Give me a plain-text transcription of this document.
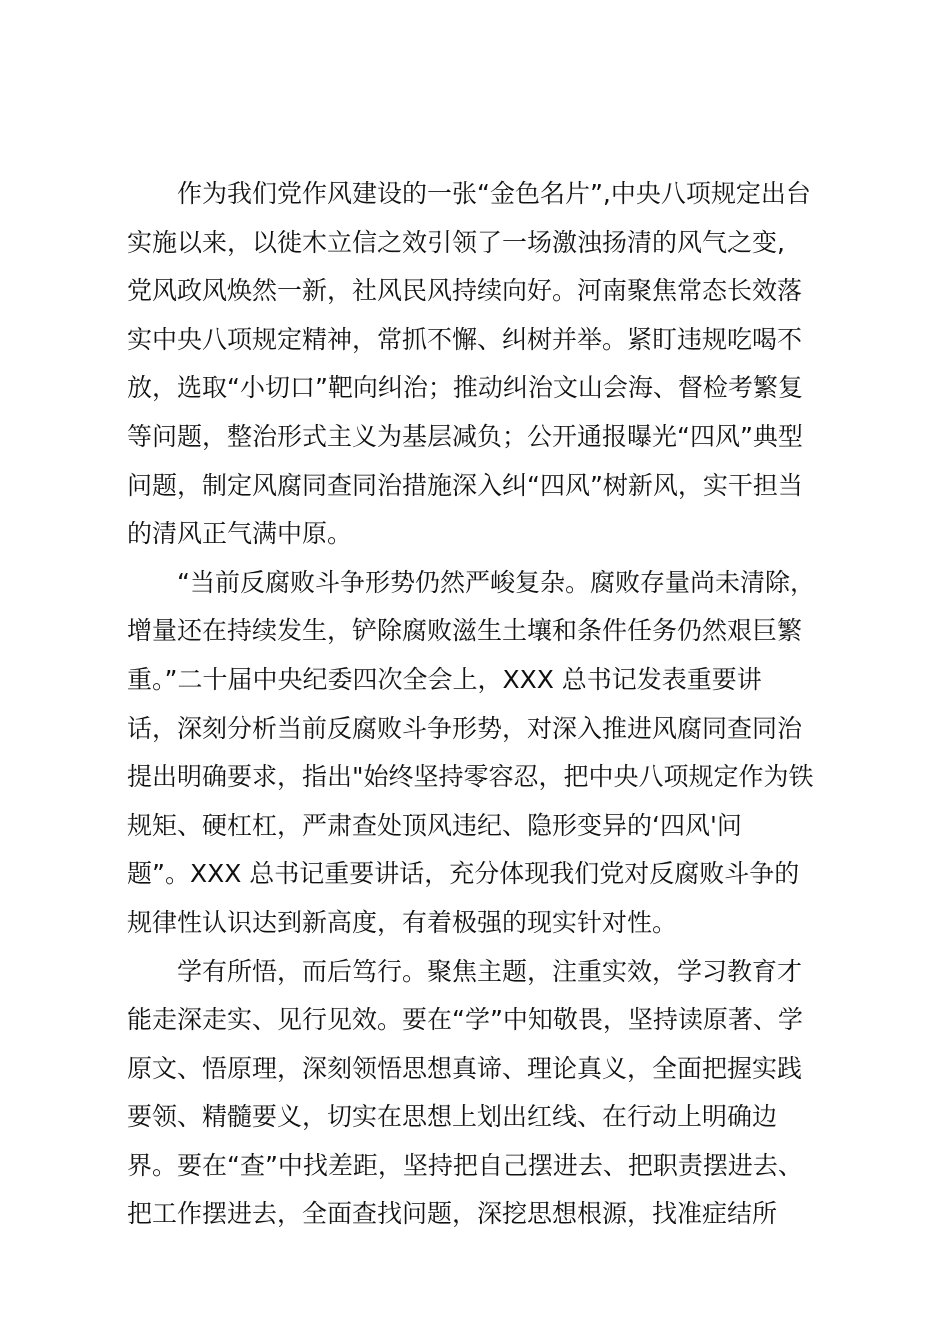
作为我们党作风建设的一张“金色名片”,中央八项规定出台
实施以来，以徙木立信之效引领了一场激浊扬清的风气之变,
党风政风焕然一新，社风民风持续向好。河南聚焦常态长效落
实中央八项规定精神，常抓不懈、纠树并举。紧盯违规吃喝不
放，选取“小切口”靶向纠治；推动纠治文山会海、督检考繁复
等问题，整治形式主义为基层减负；公开通报曝光“四风”典型
问题，制定风腐同查同治措施深入纠“四风”树新风，实干担当
的清风正气满中原。

“当前反腐败斗争形势仍然严峻复杂。腐败存量尚未清除，
增量还在持续发生，铲除腐败滋生土壤和条件任务仍然艰巨繁
重。”二十届中央纪委四次全会上，XXX 总书记发表重要讲
话，深刻分析当前反腐败斗争形势，对深入推进风腐同查同治
提出明确要求，指出"始终坚持零容忍，把中央八项规定作为铁
规矩、硬杠杠，严肃查处顶风违纪、隐形变异的‘四风'问
题”。XXX 总书记重要讲话，充分体现我们党对反腐败斗争的
规律性认识达到新高度，有着极强的现实针对性。

学有所悟，而后笃行。聚焦主题，注重实效，学习教育才
能走深走实、见行见效。要在“学”中知敬畏，坚持读原著、学
原文、悟原理，深刻领悟思想真谛、理论真义，全面把握实践
要领、精髓要义，切实在思想上划出红线、在行动上明确边
界。要在“查”中找差距，坚持把自己摆进去、把职责摆进去、
把工作摆进去，全面查找问题，深挖思想根源，找准症结所
